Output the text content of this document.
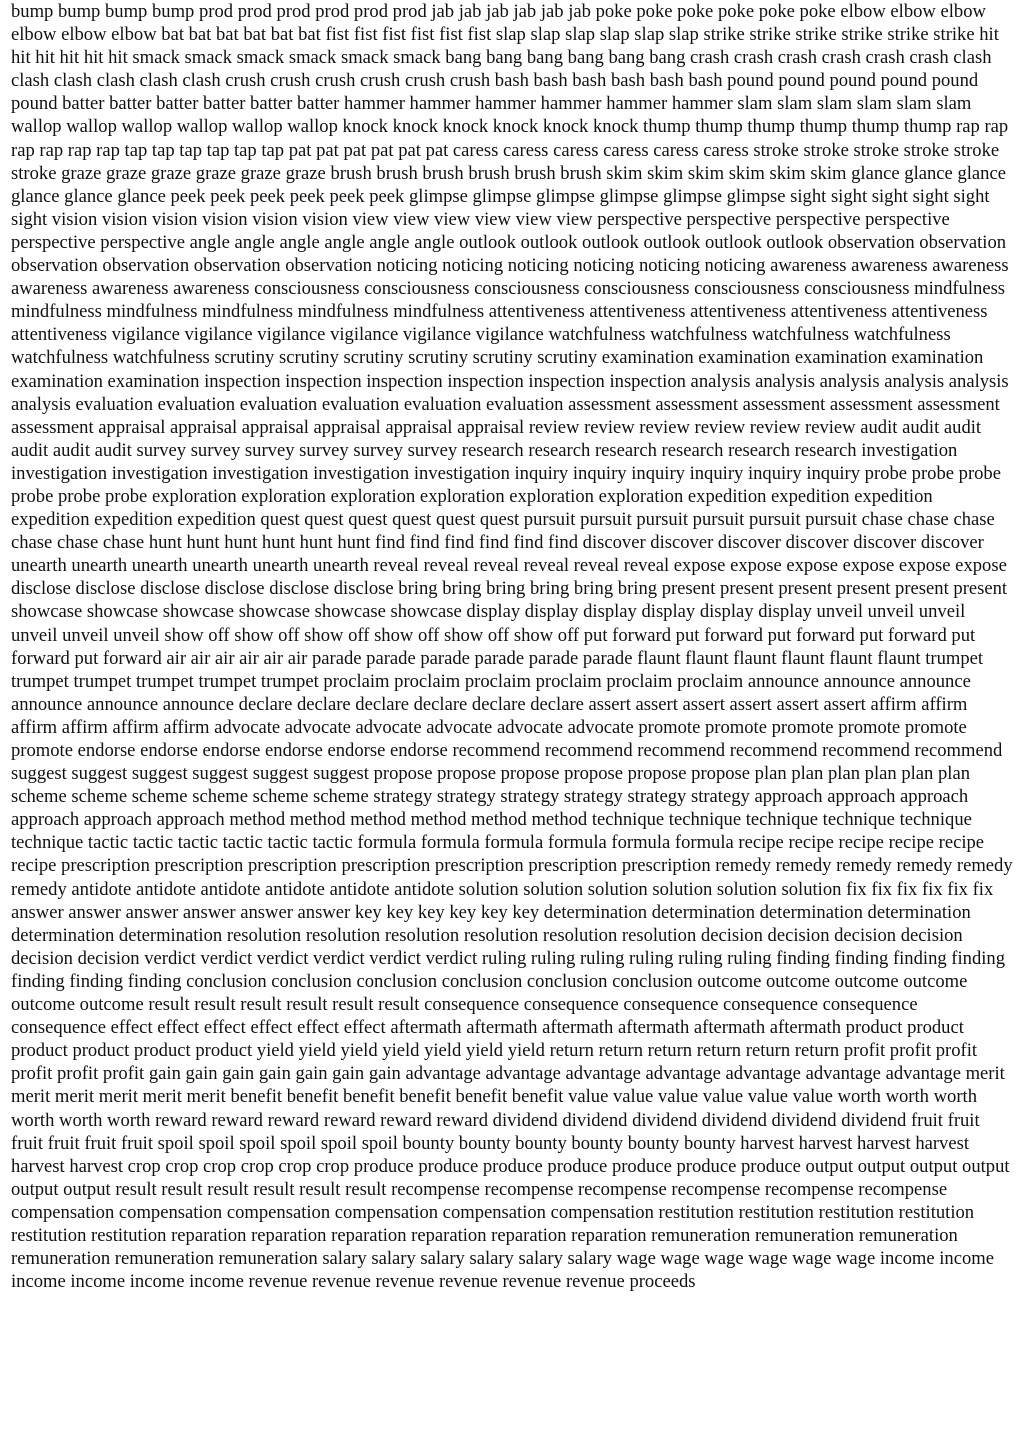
bump bump bump bump prod prod prod prod prod prod jab jab jab jab jab jab poke poke poke poke poke poke elbow elbow elbow elbow elbow elbow bat bat bat bat bat bat fist fist fist fist fist fist slap slap slap slap slap slap strike strike strike strike strike strike hit hit hit hit hit hit smack smack smack smack smack smack bang bang bang bang bang bang crash crash crash crash crash crash clash clash clash clash clash clash crush crush crush crush crush crush bash bash bash bash bash bash pound pound pound pound pound pound batter batter batter batter batter batter hammer hammer hammer hammer hammer hammer slam slam slam slam slam slam wallop wallop wallop wallop wallop wallop knock knock knock knock knock knock thump thump thump thump thump thump rap rap rap rap rap rap tap tap tap tap tap tap pat pat pat pat pat pat caress caress caress caress caress caress stroke stroke stroke stroke stroke stroke graze graze graze graze graze graze brush brush brush brush brush brush skim skim skim skim skim skim glance glance glance glance glance glance peek peek peek peek peek peek glimpse glimpse glimpse glimpse glimpse glimpse sight sight sight sight sight sight vision vision vision vision vision vision view view view view view view perspective perspective perspective perspective perspective perspective angle angle angle angle angle angle outlook outlook outlook outlook outlook outlook observation observation observation observation observation observation noticing noticing noticing noticing noticing noticing awareness awareness awareness awareness awareness awareness consciousness consciousness consciousness consciousness consciousness consciousness mindfulness mindfulness mindfulness mindfulness mindfulness mindfulness attentiveness attentiveness attentiveness attentiveness attentiveness attentiveness vigilance vigilance vigilance vigilance vigilance vigilance watchfulness watchfulness watchfulness watchfulness watchfulness watchfulness scrutiny scrutiny scrutiny scrutiny scrutiny scrutiny examination examination examination examination examination examination inspection inspection inspection inspection inspection inspection analysis analysis analysis analysis analysis analysis evaluation evaluation evaluation evaluation evaluation evaluation assessment assessment assessment assessment assessment assessment appraisal appraisal appraisal appraisal appraisal appraisal review review review review review review audit audit audit audit audit audit survey survey survey survey survey survey research research research research research research investigation investigation investigation investigation investigation investigation inquiry inquiry inquiry inquiry inquiry inquiry probe probe probe probe probe probe exploration exploration exploration exploration exploration exploration expedition expedition expedition expedition expedition expedition quest quest quest quest quest quest pursuit pursuit pursuit pursuit pursuit pursuit chase chase chase chase chase chase hunt hunt hunt hunt hunt hunt find find find find find find discover discover discover discover discover discover unearth unearth unearth unearth unearth unearth reveal reveal reveal reveal reveal reveal expose expose expose expose expose expose disclose disclose disclose disclose disclose disclose bring bring bring bring bring bring present present present present present present showcase showcase showcase showcase showcase showcase display display display display display display unveil unveil unveil unveil unveil unveil show off show off show off show off show off show off put forward put forward put forward put forward put forward put forward air air air air air air parade parade parade parade parade parade flaunt flaunt flaunt flaunt flaunt flaunt trumpet trumpet trumpet trumpet trumpet trumpet proclaim proclaim proclaim proclaim proclaim proclaim announce announce announce announce announce announce declare declare declare declare declare declare assert assert assert assert assert assert affirm affirm affirm affirm affirm affirm advocate advocate advocate advocate advocate advocate promote promote promote promote promote promote endorse endorse endorse endorse endorse endorse recommend recommend recommend recommend recommend recommend suggest suggest suggest suggest suggest suggest propose propose propose propose propose propose plan plan plan plan plan plan scheme scheme scheme scheme scheme scheme strategy strategy strategy strategy strategy strategy approach approach approach approach approach approach method method method method method method technique technique technique technique technique technique tactic tactic tactic tactic tactic tactic formula formula formula formula formula formula recipe recipe recipe recipe recipe recipe prescription prescription prescription prescription prescription prescription prescription remedy remedy remedy remedy remedy remedy antidote antidote antidote antidote antidote antidote solution solution solution solution solution solution fix fix fix fix fix fix answer answer answer answer answer answer key key key key key key determination determination determination determination determination determination resolution resolution resolution resolution resolution resolution decision decision decision decision decision decision verdict verdict verdict verdict verdict verdict ruling ruling ruling ruling ruling ruling finding finding finding finding finding finding finding conclusion conclusion conclusion conclusion conclusion conclusion outcome outcome outcome outcome outcome outcome result result result result result result consequence consequence consequence consequence consequence consequence effect effect effect effect effect effect aftermath aftermath aftermath aftermath aftermath aftermath product product product product product product yield yield yield yield yield yield yield return return return return return return profit profit profit profit profit profit gain gain gain gain gain gain gain advantage advantage advantage advantage advantage advantage advantage merit merit merit merit merit merit benefit benefit benefit benefit benefit benefit value value value value value value worth worth worth worth worth worth reward reward reward reward reward reward dividend dividend dividend dividend dividend dividend fruit fruit fruit fruit fruit fruit spoil spoil spoil spoil spoil spoil bounty bounty bounty bounty bounty bounty harvest harvest harvest harvest harvest harvest crop crop crop crop crop crop produce produce produce produce produce produce produce output output output output output output result result result result result result recompense recompense recompense recompense recompense recompense compensation compensation compensation compensation compensation compensation restitution restitution restitution restitution restitution restitution reparation reparation reparation reparation reparation reparation remuneration remuneration remuneration remuneration remuneration remuneration salary salary salary salary salary salary wage wage wage wage wage wage income income income income income income revenue revenue revenue revenue revenue revenue proceeds
